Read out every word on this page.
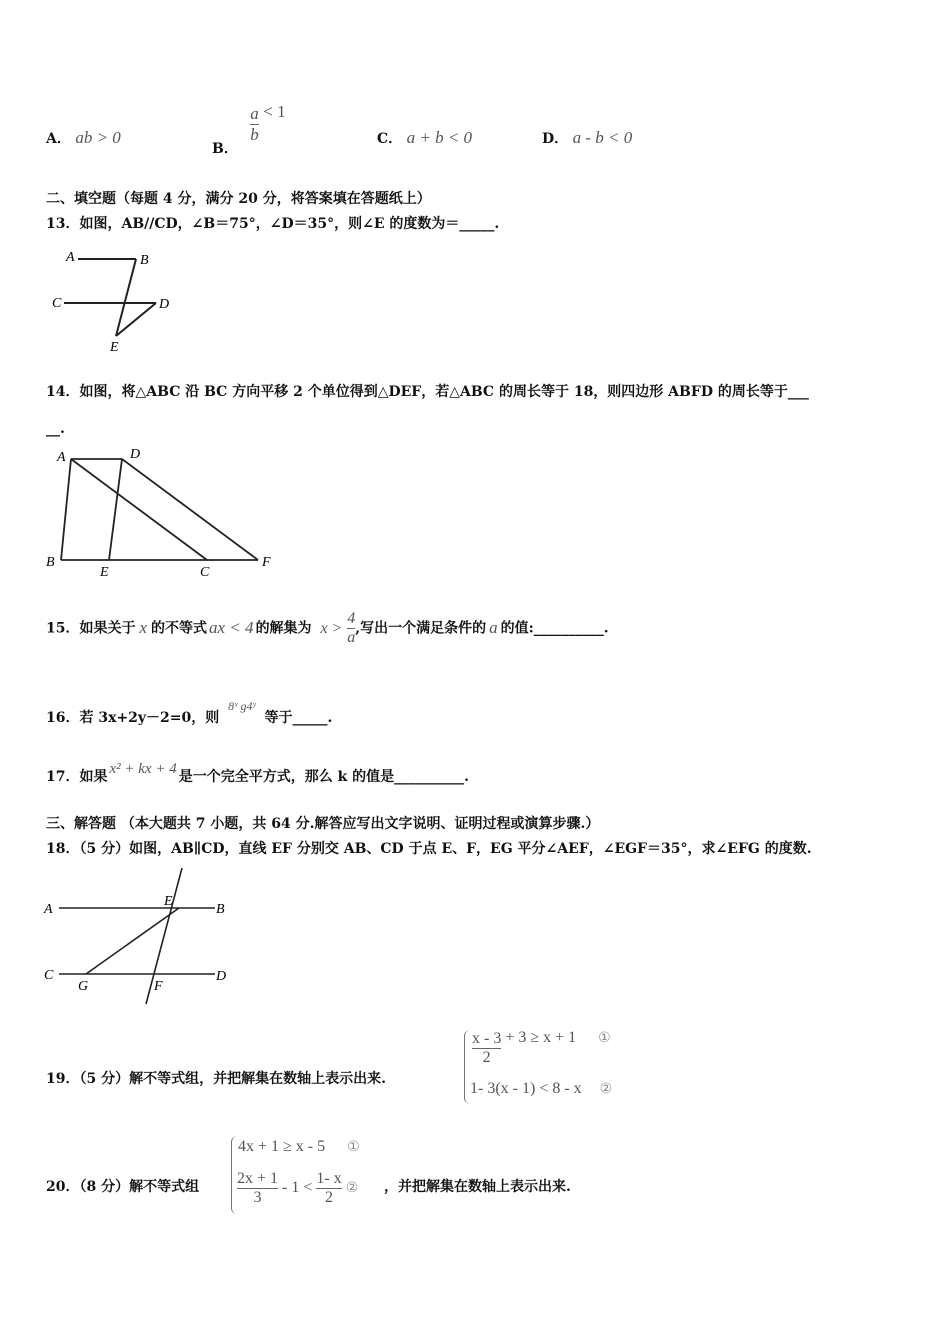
A． ab > 0
B．
$\frac{a}{b} < 1$
C． a + b < 0	D． a - b < 0
二、填空题（每题 4 分，满分 20 分，将答案填在答题纸上）
13．如图，AB//CD，∠B＝75°，∠D＝35°，则∠E 的度数为＝_____.
A	B
C	D
E
14．如图，将△ABC 沿 BC 方向平移 2 个单位得到△DEF，若△ABC 的周长等于 18，则四边形 ABFD 的周长等于___
__.
A	D
B
E	C
F
15．如果关于 x 的不等式 ax < 4 的解集为 $x > \frac{4}{a}$ ,写出一个满足条件的 a 的值:__________.
16．若 3x+2y－2=0，则 8ˣ g4ʸ 等于_____.
17．如果 x² + kx + 4 是一个完全平方式，那么 k 的值是__________.
三、解答题 （本大题共 7 小题，共 64 分.解答应写出文字说明、证明过程或演算步骤.）
18．（5 分）如图，AB∥CD，直线 EF 分别交 AB、CD 于点 E、F，EG 平分∠AEF，∠EGF＝35°，求∠EFG 的度数.
A	B
E
C	D
G	F
19．（5 分）解不等式组，并把解集在数轴上表示出来.
$\frac{x - 3}{2} + 3 \ge x + 1$ ①
1- 3(x - 1) < 8 - x ②
20．（8 分）解不等式组
4x + 1 ≥ x - 5 ①
$\frac{2x + 1}{3} - 1 < \frac{1- x}{2}$ ② ，并把解集在数轴上表示出来.
